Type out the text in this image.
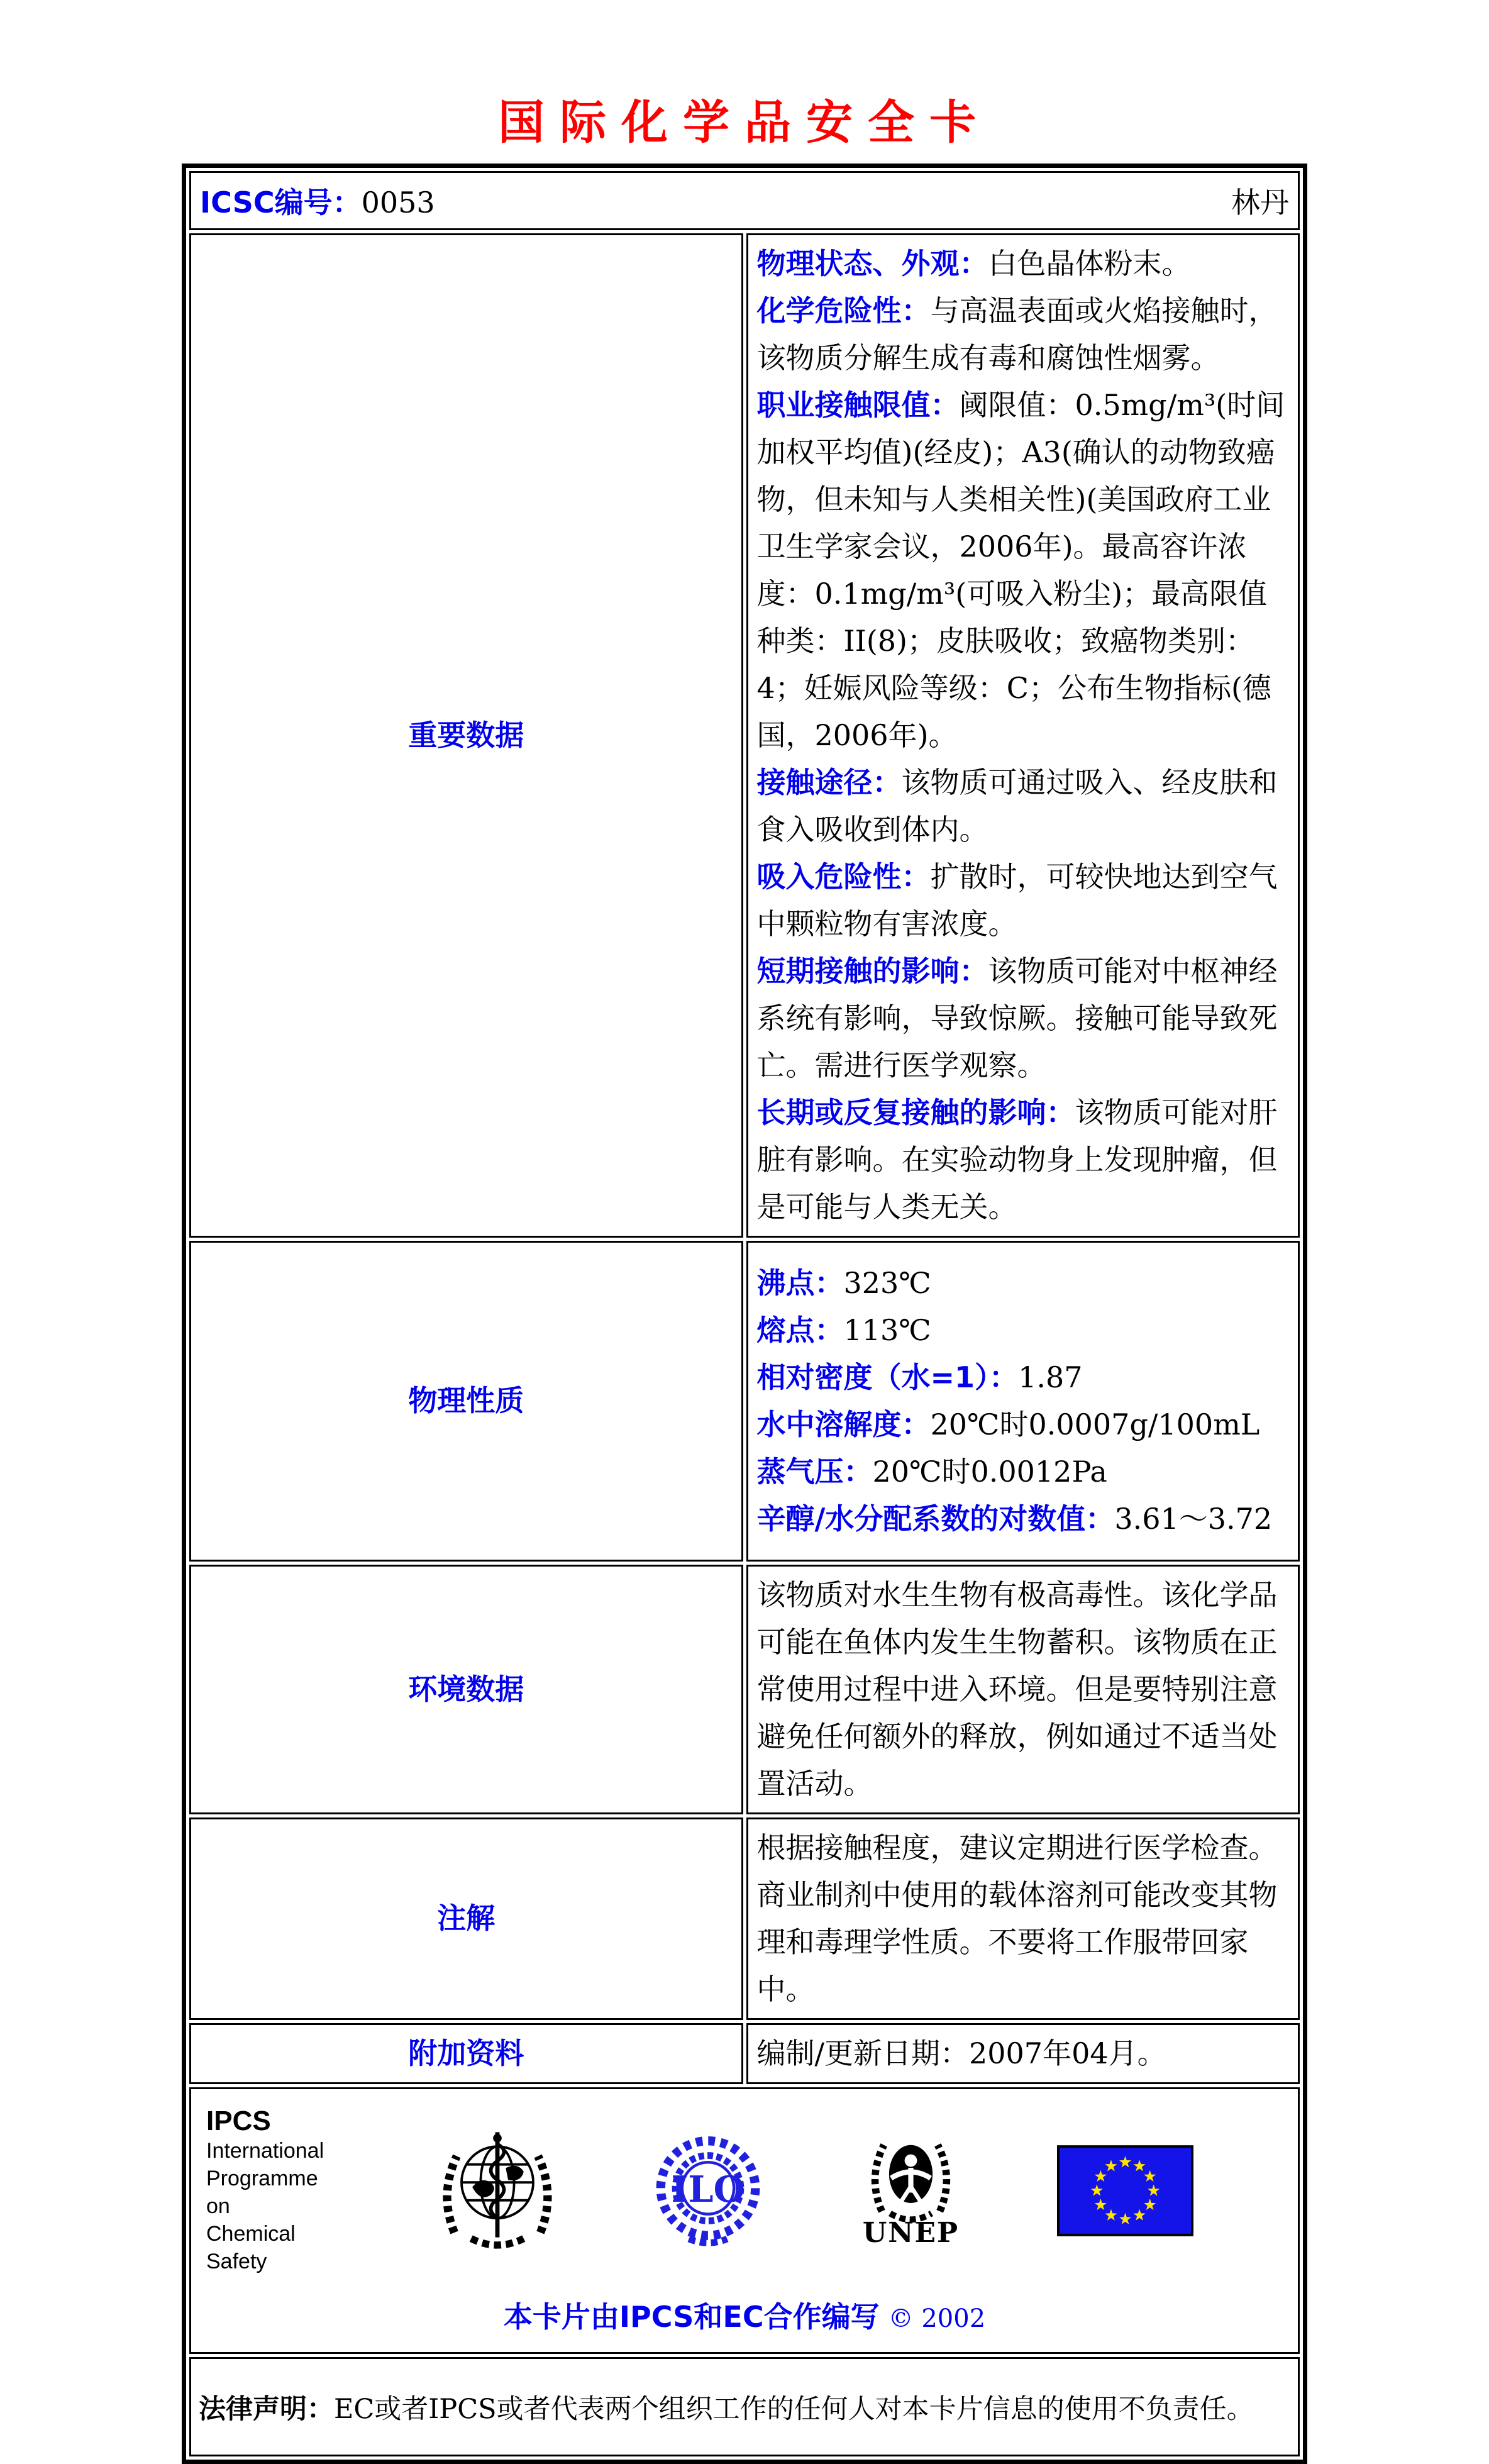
国际化学品安全卡
ICSC编号：0053 林丹	

重要数据	
物理状态、外观：白色晶体粉末。
化学危险性：与高温表面或火焰接触时，该物质分解生成有毒和腐蚀性烟雾。
职业接触限值：阈限值：0.5mg/m³(时间加权平均值)(经皮)；A3(确认的动物致癌物，但未知与人类相关性)(美国政府工业卫生学家会议，2006年)。最高容许浓度：0.1mg/m³(可吸入粉尘)；最高限值种类：II(8)；皮肤吸收；致癌物类别：4；妊娠风险等级：C；公布生物指标(德国，2006年)。
接触途径：该物质可通过吸入、经皮肤和食入吸收到体内。
吸入危险性：扩散时，可较快地达到空气中颗粒物有害浓度。
短期接触的影响：该物质可能对中枢神经系统有影响，导致惊厥。接触可能导致死亡。需进行医学观察。
长期或反复接触的影响：该物质可能对肝脏有影响。在实验动物身上发现肿瘤，但是可能与人类无关。

物理性质	
沸点：323℃
熔点：113℃
相对密度（水=1）：1.87
水中溶解度：20℃时0.0007g/100mL
蒸气压：20℃时0.0012Pa
辛醇/水分配系数的对数值：3.61～3.72

环境数据	该物质对水生生物有极高毒性。该化学品可能在鱼体内发生生物蓄积。该物质在正常使用过程中进入环境。但是要特别注意避免任何额外的释放，例如通过不适当处置活动。
注解	根据接触程度，建议定期进行医学检查。商业制剂中使用的载体溶剂可能改变其物理和毒理学性质。不要将工作服带回家中。
附加资料	编制/更新日期：2007年04月。

IPCS
International
Programme on
Chemical Safety
ILO
UNEP
本卡片由IPCS和EC合作编写 © 2002

法律声明：EC或者IPCS或者代表两个组织工作的任何人对本卡片信息的使用不负责任。	
